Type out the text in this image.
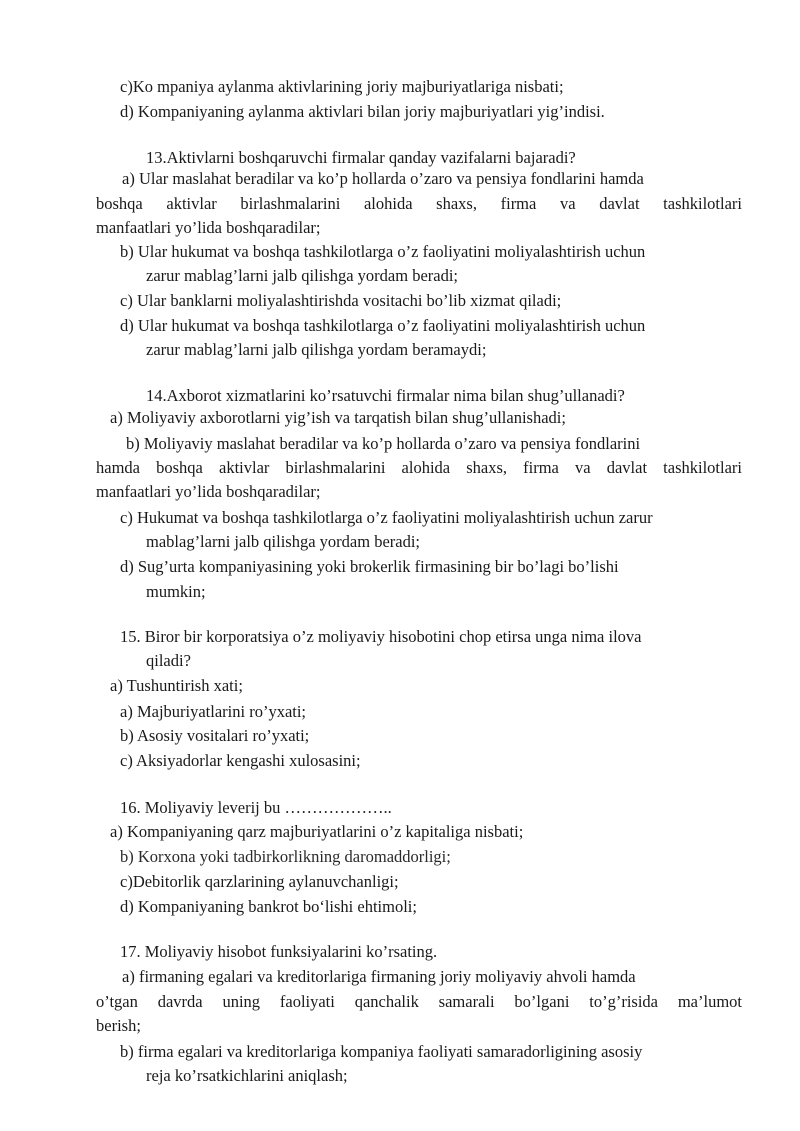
c)Ko mpaniya aylanma aktivlarining joriy majburiyatlariga nisbati;
d) Kompaniyaning aylanma aktivlari bilan joriy majburiyatlari yig’indisi.
13.Aktivlarni boshqaruvchi firmalar qanday vazifalarni bajaradi?
a) Ular maslahat beradilar va ko’p hollarda o’zaro va pensiya fondlarini hamda
boshqa aktivlar birlashmalarini alohida shaxs, firma va davlat tashkilotlari
manfaatlari yo’lida boshqaradilar;
b) Ular hukumat va boshqa tashkilotlarga o’z faoliyatini moliyalashtirish uchun
zarur mablag’larni jalb qilishga yordam beradi;
c) Ular banklarni moliyalashtirishda vositachi bo’lib xizmat qiladi;
d) Ular hukumat va boshqa tashkilotlarga o’z faoliyatini moliyalashtirish uchun
zarur mablag’larni jalb qilishga yordam beramaydi;
14.Axborot xizmatlarini ko’rsatuvchi firmalar nima bilan shug’ullanadi?
a) Moliyaviy axborotlarni yig’ish va tarqatish bilan shug’ullanishadi;
b) Moliyaviy maslahat beradilar va ko’p hollarda o’zaro va pensiya fondlarini
hamda boshqa aktivlar birlashmalarini alohida shaxs, firma va davlat tashkilotlari
manfaatlari yo’lida boshqaradilar;
c) Hukumat va boshqa tashkilotlarga o’z faoliyatini moliyalashtirish uchun zarur
mablag’larni jalb qilishga yordam beradi;
d) Sug’urta kompaniyasining yoki brokerlik firmasining bir bo’lagi bo’lishi
mumkin;
15. Biror bir korporatsiya o’z moliyaviy hisobotini chop etirsa unga nima ilova
qiladi?
a) Tushuntirish xati;
a) Majburiyatlarini ro’yxati;
b) Asosiy vositalari ro’yxati;
c) Aksiyadorlar kengashi xulosasini;
16. Moliyaviy leverij bu ………………..
a) Kompaniyaning qarz majburiyatlarini o’z kapitaliga nisbati;
b) Korxona yoki tadbirkorlikning daromaddorligi;
c)Debitorlik qarzlarining aylanuvchanligi;
d) Kompaniyaning bankrot bo‘lishi ehtimoli;
17. Moliyaviy hisobot funksiyalarini ko’rsating.
a) firmaning egalari va kreditorlariga firmaning joriy moliyaviy ahvoli hamda
o’tgan davrda uning faoliyati qanchalik samarali bo’lgani to’g’risida ma’lumot
berish;
b) firma egalari va kreditorlariga kompaniya faoliyati samaradorligining asosiy
reja ko’rsatkichlarini aniqlash;
